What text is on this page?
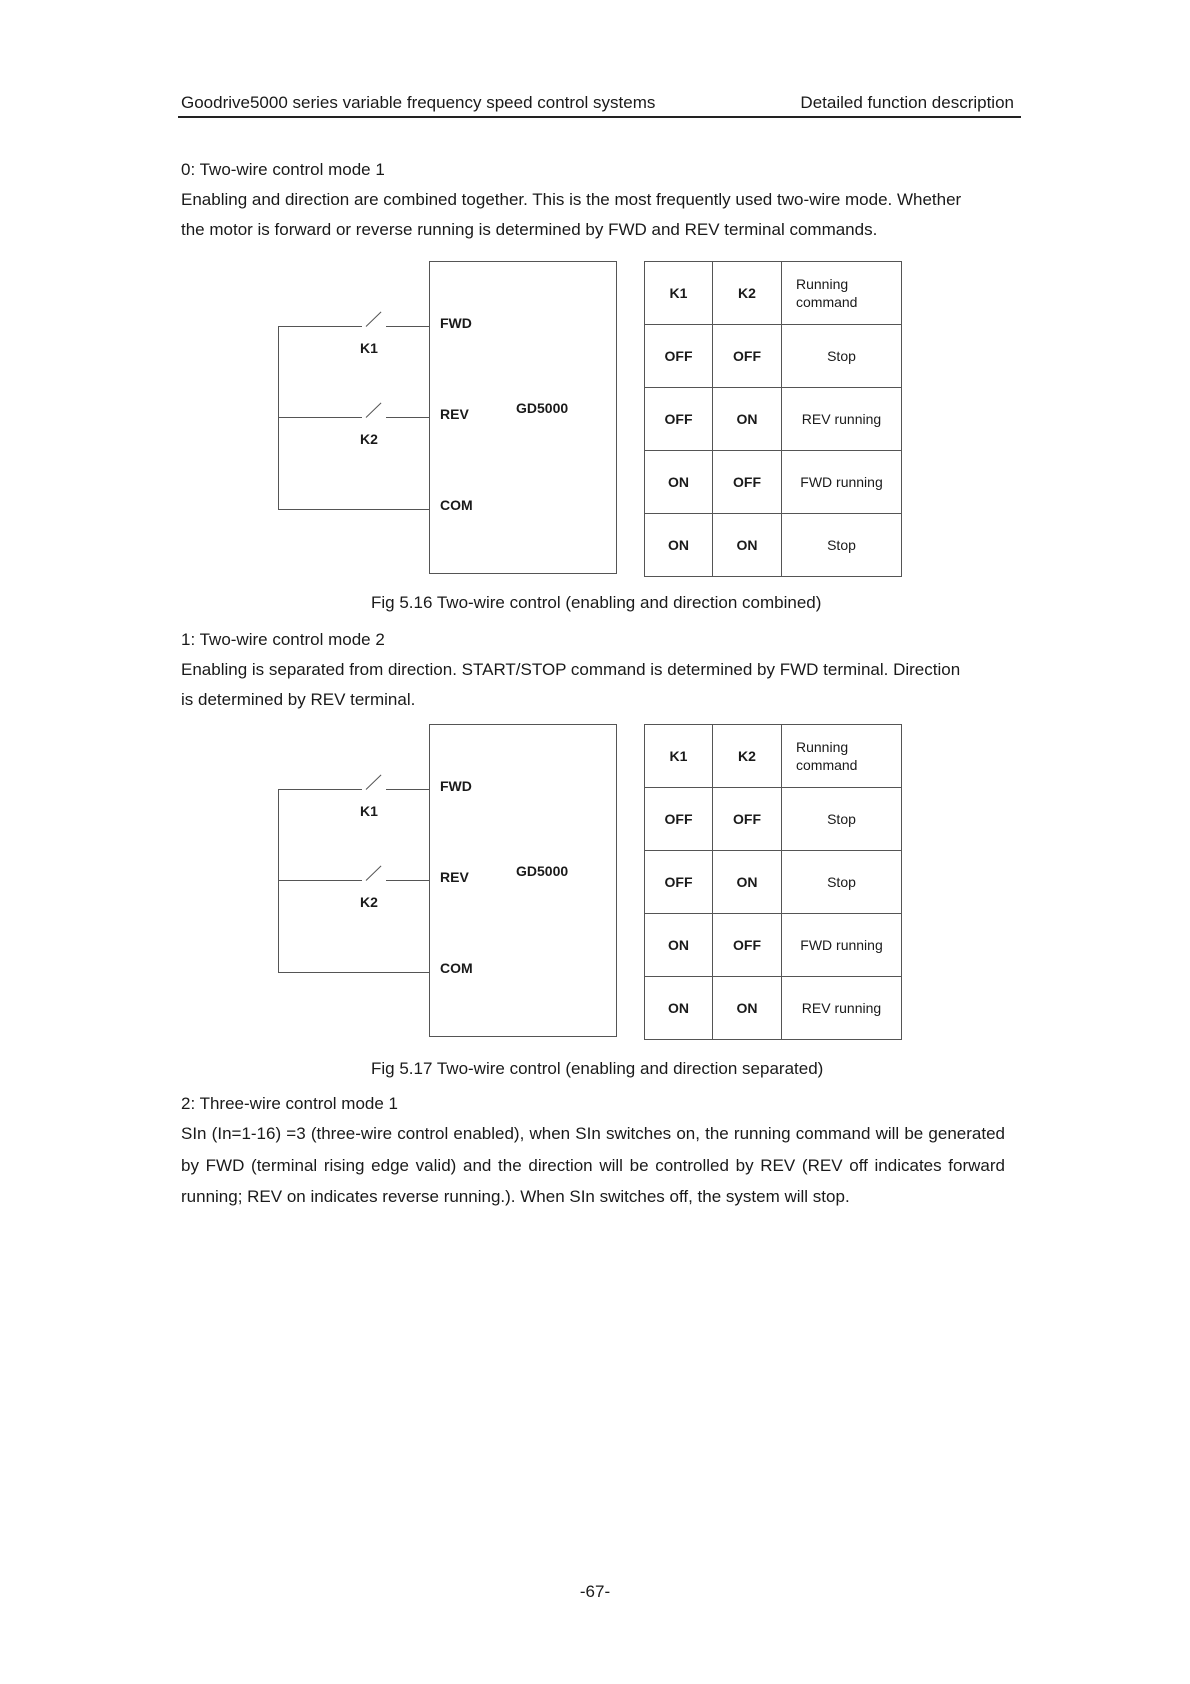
Goodrive5000 series variable frequency speed control systems	Detailed function description
0: Two-wire control mode 1
Enabling and direction are combined together. This is the most frequently used two-wire mode. Whether
the motor is forward or reverse running is determined by FWD and REV terminal commands.
GD5000
FWD
REV
COM
K1
K2
K1	K2	Running command

OFF	OFF	Stop
OFF	ON	REV running
ON	OFF	FWD running
ON	ON	Stop
Fig 5.16 Two-wire control (enabling and direction combined)
1: Two-wire control mode 2
Enabling is separated from direction. START/STOP command is determined by FWD terminal. Direction
is determined by REV terminal.
GD5000
FWD
REV
COM
K1
K2
K1	K2	Running command

OFF	OFF	Stop
OFF	ON	Stop
ON	OFF	FWD running
ON	ON	REV running
Fig 5.17 Two-wire control (enabling and direction separated)
2: Three-wire control mode 1
SIn (In=1-16) =3 (three-wire control enabled), when SIn switches on, the running command will be generated by FWD (terminal rising edge valid) and the direction will be controlled by REV (REV off indicates forward running; REV on indicates reverse running.). When SIn switches off, the system will stop.
-67-
